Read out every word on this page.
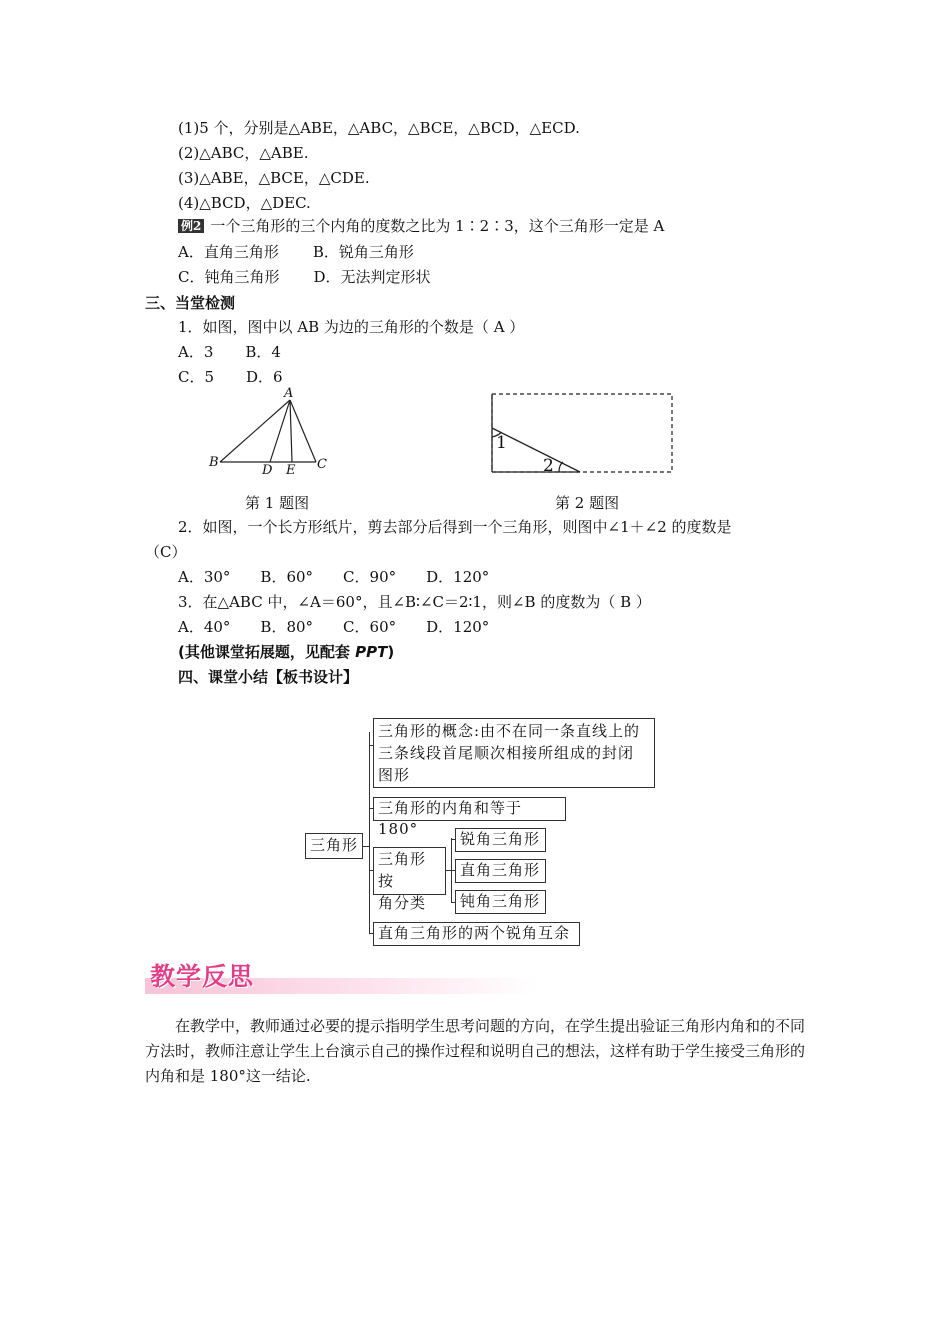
(1)5 个，分别是△ABE，△ABC，△BCE，△BCD，△ECD.
(2)△ABC，△ABE.
(3)△ABE，△BCE，△CDE.
(4)△BCD，△DEC.
例2 一个三角形的三个内角的度数之比为 1∶2∶3，这个三角形一定是 A
A．直角三角形 B．锐角三角形
C．钝角三角形 D．无法判定形状
三、当堂检测
1．如图，图中以 AB 为边的三角形的个数是（ A ）
A．3 B．4
C．5 D．6
A
B
D E C
第 1 题图
1
2
第 2 题图
2．如图，一个长方形纸片，剪去部分后得到一个三角形，则图中∠1＋∠2 的度数是
（C）
A．30° B．60° C．90° D．120°
3．在△ABC 中，∠A＝60°，且∠B∶∠C＝2∶1，则∠B 的度数为（ B ）
A．40° B．80° C．60° D．120°
(其他课堂拓展题，见配套 PPT)
四、课堂小结【板书设计】
三角形
三角形的概念:由不在同一条直线上的
三条线段首尾顺次相接所组成的封闭
图形
三角形的内角和等于 180°
三角形按
角分类
锐角三角形
直角三角形
钝角三角形
直角三角形的两个锐角互余
教学反思
在教学中，教师通过必要的提示指明学生思考问题的方向，在学生提出验证三角形内角和的不同方法时，教师注意让学生上台演示自己的操作过程和说明自己的想法，这样有助于学生接受三角形的内角和是 180°这一结论.
